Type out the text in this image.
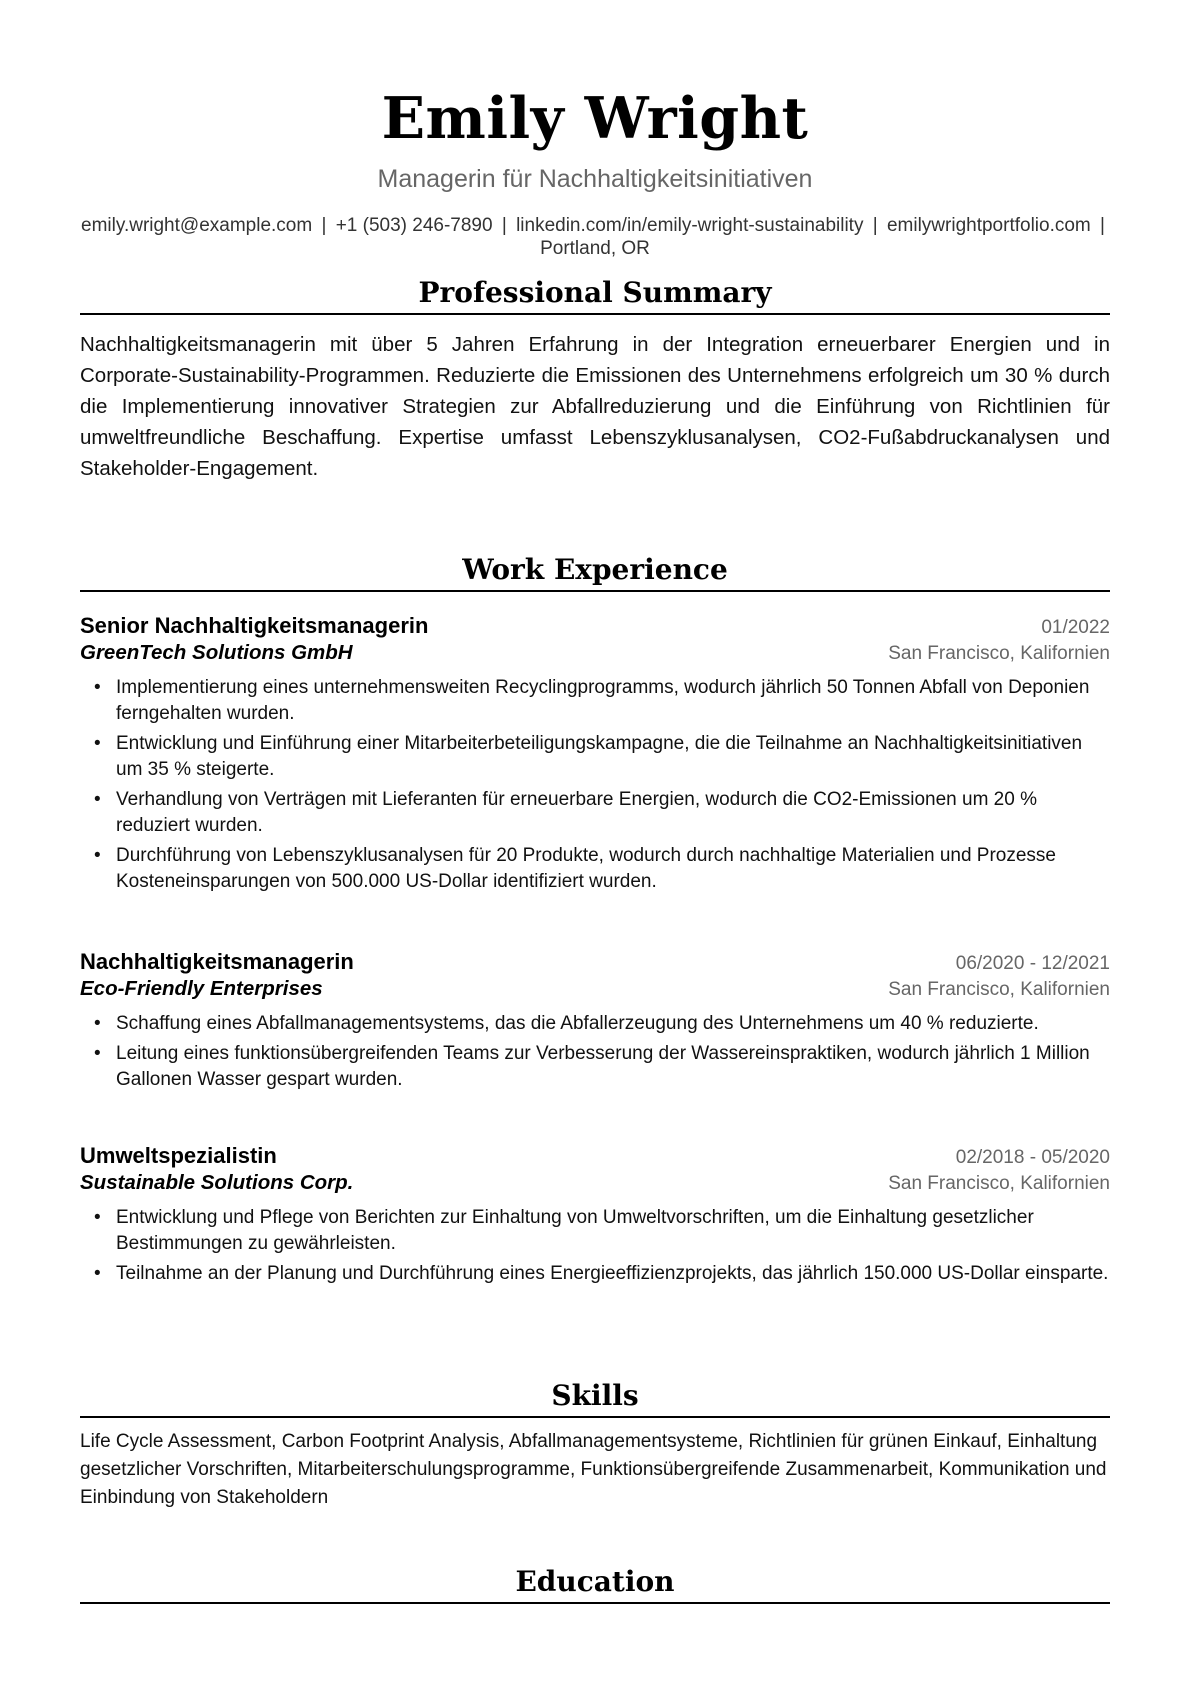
Emily Wright
Managerin für Nachhaltigkeitsinitiativen
emily.wright@example.com | +1 (503) 246-7890 | linkedin.com/in/emily-wright-sustainability | emilywrightportfolio.com | Portland, OR
Professional Summary
Nachhaltigkeitsmanagerin mit über 5 Jahren Erfahrung in der Integration erneuerbarer Energien und in Corporate-Sustainability-Programmen. Reduzierte die Emissionen des Unternehmens erfolgreich um 30 % durch die Implementierung innovativer Strategien zur Abfallreduzierung und die Einführung von Richtlinien für umweltfreundliche Beschaffung. Expertise umfasst Lebenszyklusanalysen, CO2-Fußabdruckanalysen und Stakeholder-Engagement.
Work Experience
Senior Nachhaltigkeitsmanagerin	01/2022
GreenTech Solutions GmbH	San Francisco, Kalifornien
• Implementierung eines unternehmensweiten Recyclingprogramms, wodurch jährlich 50 Tonnen Abfall von Deponien ferngehalten wurden.
• Entwicklung und Einführung einer Mitarbeiterbeteiligungskampagne, die die Teilnahme an Nachhaltigkeitsinitiativen um 35 % steigerte.
• Verhandlung von Verträgen mit Lieferanten für erneuerbare Energien, wodurch die CO2-Emissionen um 20 % reduziert wurden.
• Durchführung von Lebenszyklusanalysen für 20 Produkte, wodurch durch nachhaltige Materialien und Prozesse Kosteneinsparungen von 500.000 US-Dollar identifiziert wurden.
Nachhaltigkeitsmanagerin	06/2020 - 12/2021
Eco-Friendly Enterprises	San Francisco, Kalifornien
• Schaffung eines Abfallmanagementsystems, das die Abfallerzeugung des Unternehmens um 40 % reduzierte.
• Leitung eines funktionsübergreifenden Teams zur Verbesserung der Wassereinspraktiken, wodurch jährlich 1 Million Gallonen Wasser gespart wurden.
Umweltspezialistin	02/2018 - 05/2020
Sustainable Solutions Corp.	San Francisco, Kalifornien
• Entwicklung und Pflege von Berichten zur Einhaltung von Umweltvorschriften, um die Einhaltung gesetzlicher Bestimmungen zu gewährleisten.
• Teilnahme an der Planung und Durchführung eines Energieeffizienzprojekts, das jährlich 150.000 US-Dollar einsparte.
Skills
Life Cycle Assessment, Carbon Footprint Analysis, Abfallmanagementsysteme, Richtlinien für grünen Einkauf, Einhaltung gesetzlicher Vorschriften, Mitarbeiterschulungsprogramme, Funktionsübergreifende Zusammenarbeit, Kommunikation und Einbindung von Stakeholdern
Education
